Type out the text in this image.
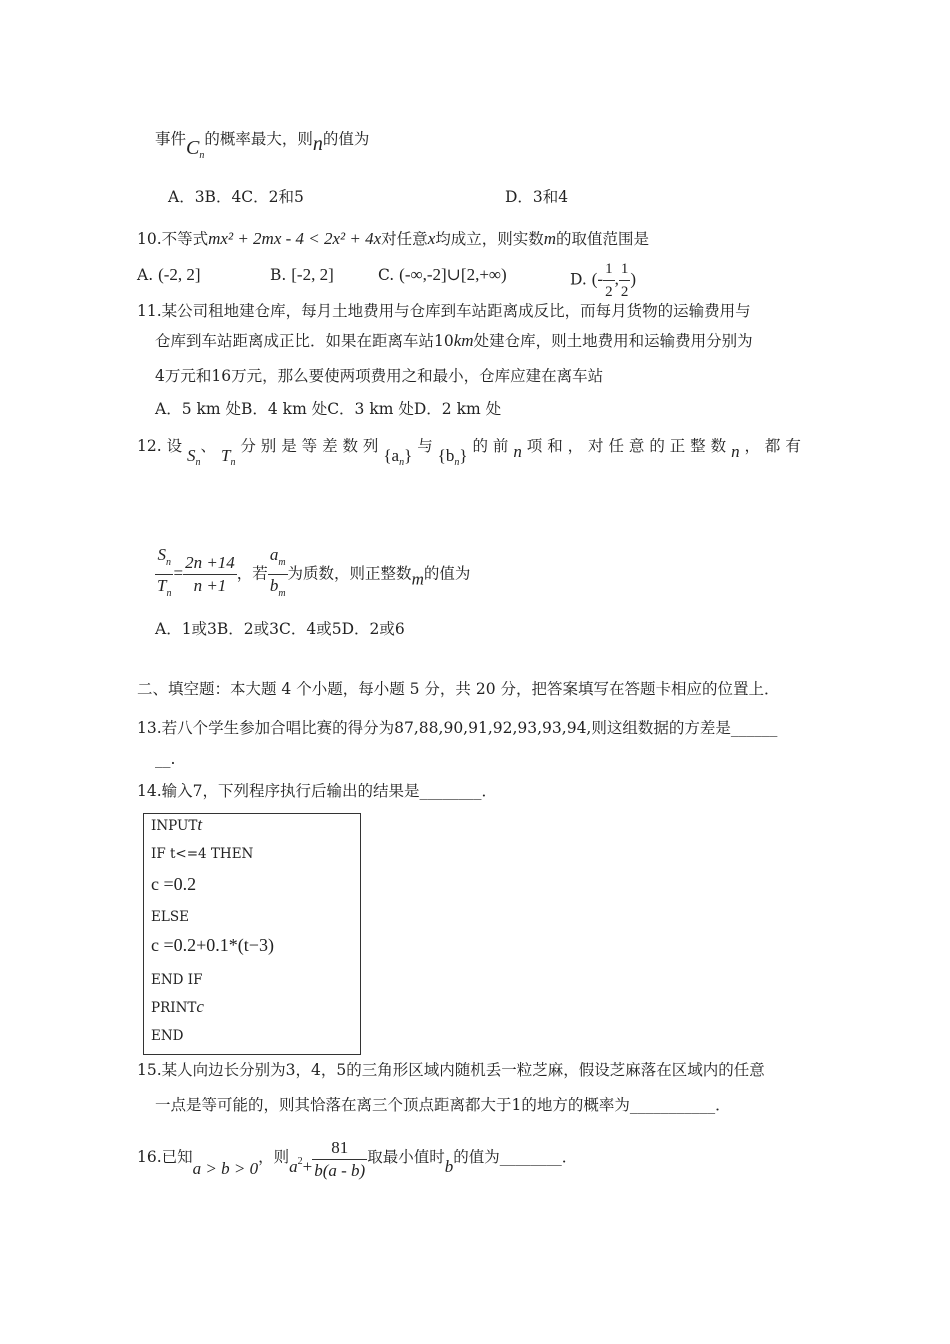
事件$C_n$的概率最大，则n的值为
A．3B．4C．2和5	D．3和4
10.不等式mx² + 2mx - 4 < 2x² + 4x对任意x均成立，则实数m的取值范围是
A. (-2, 2]	B. [-2, 2]	C. (-∞,-2]∪[2,+∞)	D. (- $\frac{1}{2}$ , $\frac{1}{2}$ )
11.某公司租地建仓库，每月土地费用与仓库到车站距离成反比，而每月货物的运输费用与
仓库到车站距离成正比．如果在距离车站10km处建仓库，则土地费用和运输费用分别为
4万元和16万元，那么要使两项费用之和最小，仓库应建在离车站
A．5 km 处B．4 km 处C．3 km 处D．2 km 处
12. 设 $S_n$、 $T_n$ 分 别 是 等 差 数 列 $\{a_n\}$ 与 $\{b_n\}$ 的 前 n 项 和 ， 对 任 意 的 正 整 数 n ， 都 有
$\frac{S_n}{T_n} = \frac{2n +14}{n +1}$ ，若 $\frac{a_m}{b_m}$ 为质数，则正整数m的值为
A．1或3B．2或3C．4或5D．2或6
二、填空题：本大题 4 个小题，每小题 5 分，共 20 分，把答案填写在答题卡相应的位置上．
13.若八个学生参加合唱比赛的得分为87,88,90,91,92,93,93,94,则这组数据的方差是______
__.
14.输入7，下列程序执行后输出的结果是________．
INPUTt
IF t<=4 THEN
c =0.2
ELSE
c =0.2+0.1*(t−3)
END IF
PRINTc
END
15.某人向边长分别为3，4，5的三角形区域内随机丢一粒芝麻，假设芝麻落在区域内的任意
一点是等可能的，则其恰落在离三个顶点距离都大于1的地方的概率为___________．
16.已知a > b > 0，则$a_2+ \frac{81}{b(a - b)}$ 取最小值时b的值为________．
